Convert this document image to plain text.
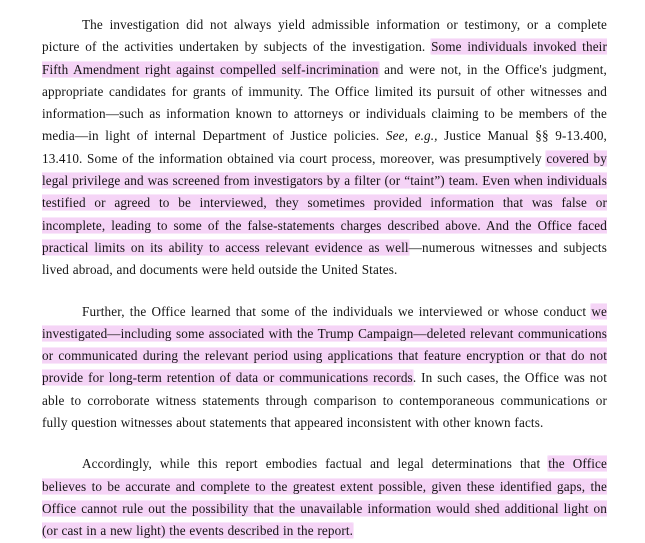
The investigation did not always yield admissible information or testimony, or a complete picture of the activities undertaken by subjects of the investigation. Some individuals invoked their Fifth Amendment right against compelled self-incrimination and were not, in the Office's judgment, appropriate candidates for grants of immunity. The Office limited its pursuit of other witnesses and information—such as information known to attorneys or individuals claiming to be members of the media—in light of internal Department of Justice policies. See, e.g., Justice Manual §§ 9-13.400, 13.410. Some of the information obtained via court process, moreover, was presumptively covered by legal privilege and was screened from investigators by a filter (or “taint”) team. Even when individuals testified or agreed to be interviewed, they sometimes provided information that was false or incomplete, leading to some of the false-statements charges described above. And the Office faced practical limits on its ability to access relevant evidence as well—numerous witnesses and subjects lived abroad, and documents were held outside the United States.
Further, the Office learned that some of the individuals we interviewed or whose conduct we investigated—including some associated with the Trump Campaign—deleted relevant communications or communicated during the relevant period using applications that feature encryption or that do not provide for long-term retention of data or communications records. In such cases, the Office was not able to corroborate witness statements through comparison to contemporaneous communications or fully question witnesses about statements that appeared inconsistent with other known facts.
Accordingly, while this report embodies factual and legal determinations that the Office believes to be accurate and complete to the greatest extent possible, given these identified gaps, the Office cannot rule out the possibility that the unavailable information would shed additional light on (or cast in a new light) the events described in the report.
